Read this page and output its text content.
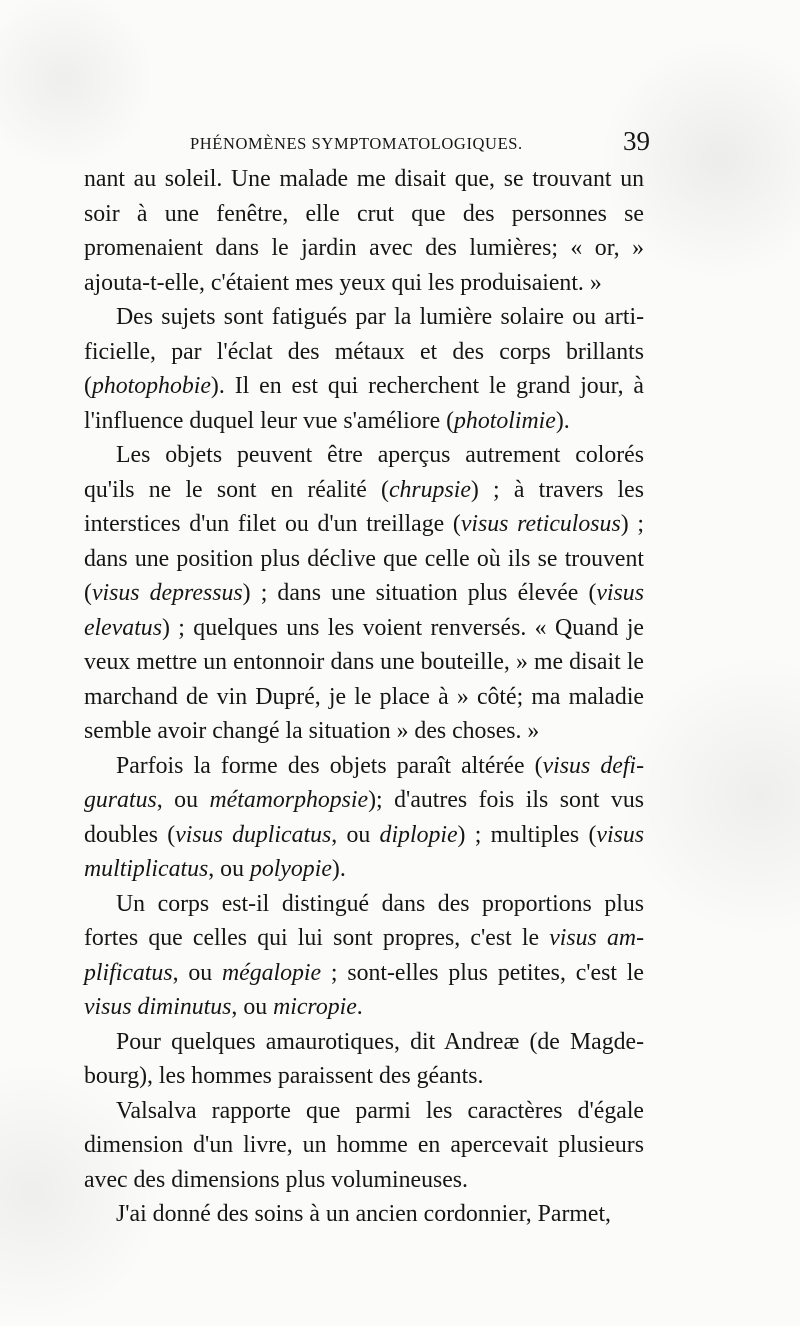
PHÉNOMÈNES SYMPTOMATOLOGIQUES.	39

nant au soleil. Une malade me disait que, se trouvant un soir à une fenêtre, elle crut que des personnes se promenaient dans le jardin avec des lumières; « or, » ajouta-t-elle, c'étaient mes yeux qui les produisaient. »

Des sujets sont fatigués par la lumière solaire ou artificielle, par l'éclat des métaux et des corps brillants (photophobie). Il en est qui recherchent le grand jour, à l'influence duquel leur vue s'améliore (photolimie).

Les objets peuvent être aperçus autrement colorés qu'ils ne le sont en réalité (chrupsie) ; à travers les interstices d'un filet ou d'un treillage (visus reticulosus) ; dans une position plus déclive que celle où ils se trouvent (visus depressus) ; dans une situation plus élevée (visus elevatus) ; quelques uns les voient renversés. « Quand je veux mettre un entonnoir dans une bouteille, » me disait le marchand de vin Dupré, je le place à » côté; ma maladie semble avoir changé la situation » des choses. »

Parfois la forme des objets paraît altérée (visus defiguratus, ou métamorphopsie); d'autres fois ils sont vus doubles (visus duplicatus, ou diplopie) ; multiples (visus multiplicatus, ou polyopie).

Un corps est-il distingué dans des proportions plus fortes que celles qui lui sont propres, c'est le visus amplificatus, ou mégalopie ; sont-elles plus petites, c'est le visus diminutus, ou micropie.

Pour quelques amaurotiques, dit Andreæ (de Magdebourg), les hommes paraissent des géants.

Valsalva rapporte que parmi les caractères d'égale dimension d'un livre, un homme en apercevait plusieurs avec des dimensions plus volumineuses.

J'ai donné des soins à un ancien cordonnier, Parmet,
